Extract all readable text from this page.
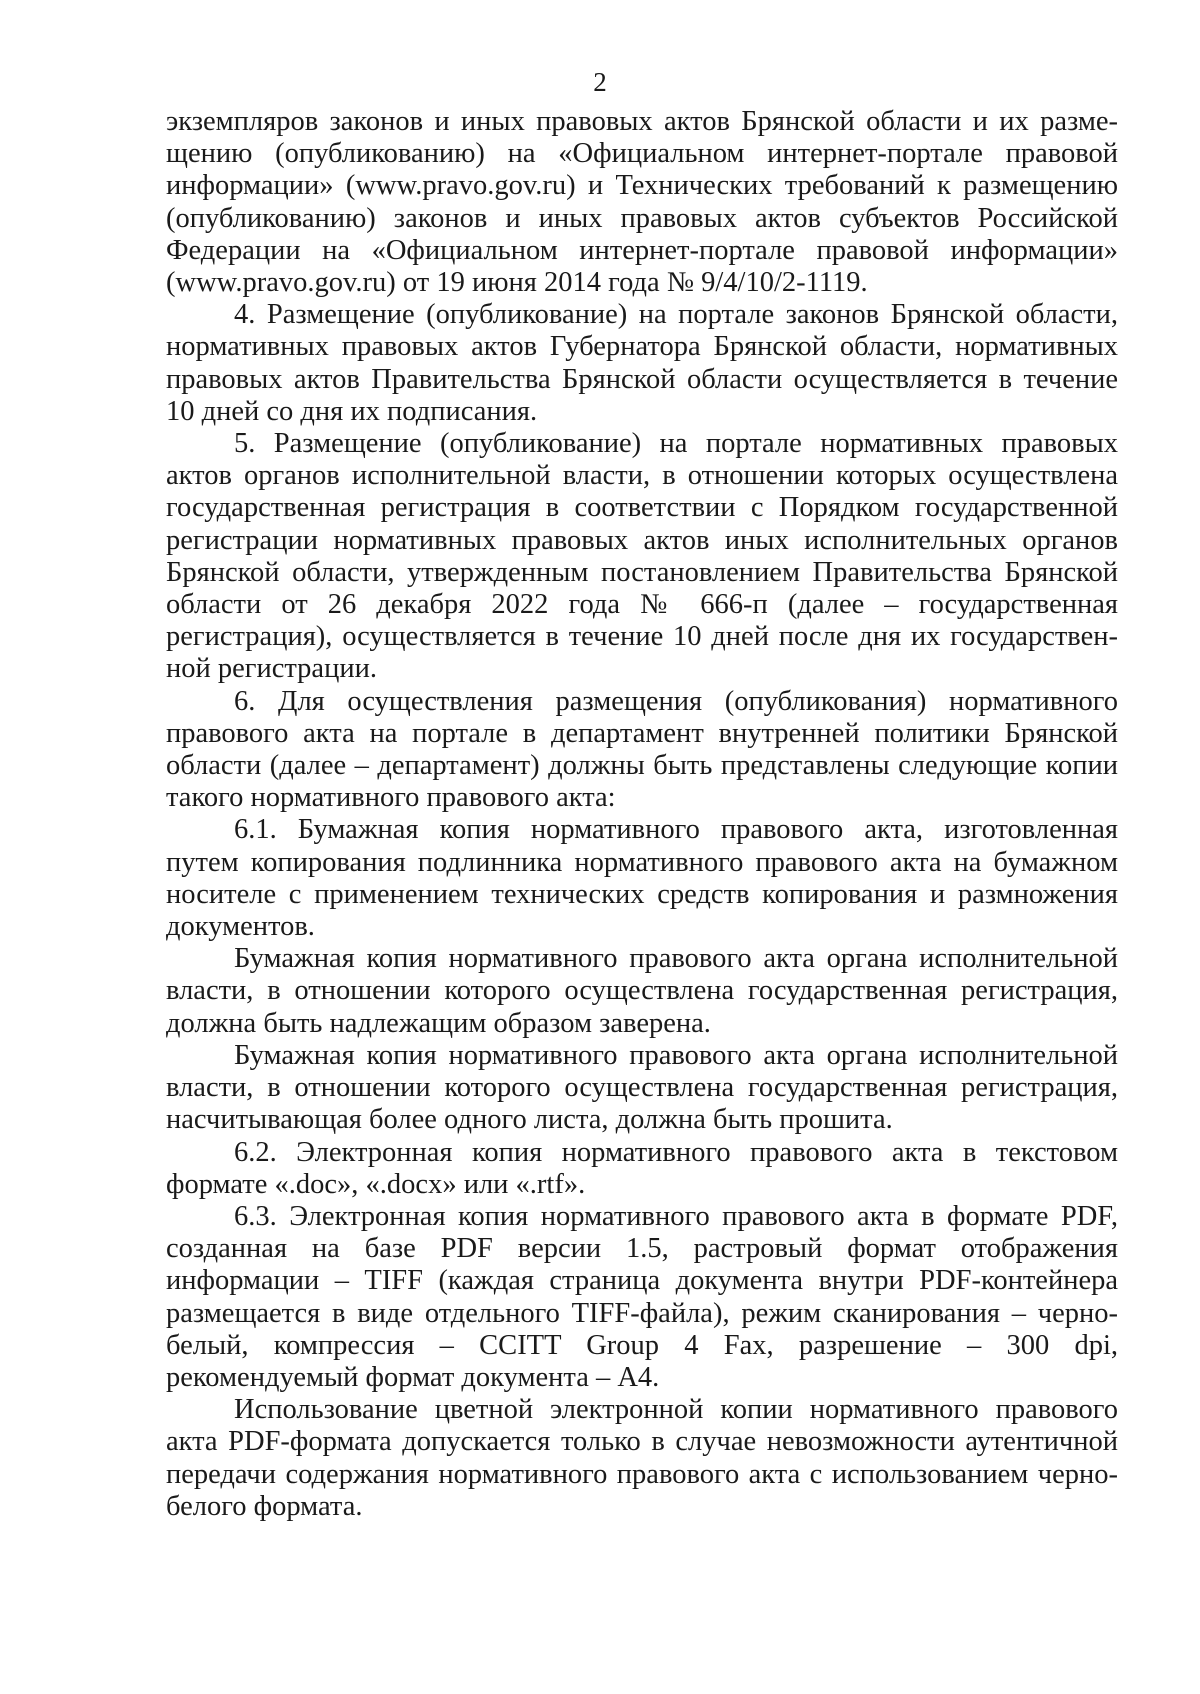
2

экземпляров законов и иных правовых актов Брянской области и их разме-
щению (опубликованию) на «Официальном интернет-портале правовой
информации» (www.pravo.gov.ru) и Технических требований к размещению
(опубликованию) законов и иных правовых актов субъектов Российской
Федерации на «Официальном интернет-портале правовой информации»
(www.pravo.gov.ru) от 19 июня 2014 года № 9/4/10/2-1119.

4. Размещение (опубликование) на портале законов Брянской области,
нормативных правовых актов Губернатора Брянской области, нормативных
правовых актов Правительства Брянской области осуществляется в течение
10 дней со дня их подписания.

5. Размещение (опубликование) на портале нормативных правовых
актов органов исполнительной власти, в отношении которых осуществлена
государственная регистрация в соответствии с Порядком государственной
регистрации нормативных правовых актов иных исполнительных органов
Брянской области, утвержденным постановлением Правительства Брянской
области от 26 декабря 2022 года № 666-п (далее – государственная
регистрация), осуществляется в течение 10 дней после дня их государствен-
ной регистрации.

6. Для осуществления размещения (опубликования) нормативного
правового акта на портале в департамент внутренней политики Брянской
области (далее – департамент) должны быть представлены следующие копии
такого нормативного правового акта:

6.1. Бумажная копия нормативного правового акта, изготовленная
путем копирования подлинника нормативного правового акта на бумажном
носителе с применением технических средств копирования и размножения
документов.

Бумажная копия нормативного правового акта органа исполнительной
власти, в отношении которого осуществлена государственная регистрация,
должна быть надлежащим образом заверена.

Бумажная копия нормативного правового акта органа исполнительной
власти, в отношении которого осуществлена государственная регистрация,
насчитывающая более одного листа, должна быть прошита.

6.2. Электронная копия нормативного правового акта в текстовом
формате «.doc», «.docx» или «.rtf».

6.3. Электронная копия нормативного правового акта в формате PDF,
созданная на базе PDF версии 1.5, растровый формат отображения
информации – TIFF (каждая страница документа внутри PDF-контейнера
размещается в виде отдельного TIFF-файла), режим сканирования – черно-
белый, компрессия – CCITT Group 4 Fax, разрешение – 300 dpi,
рекомендуемый формат документа – А4.

Использование цветной электронной копии нормативного правового
акта PDF-формата допускается только в случае невозможности аутентичной
передачи содержания нормативного правового акта с использованием черно-
белого формата.
